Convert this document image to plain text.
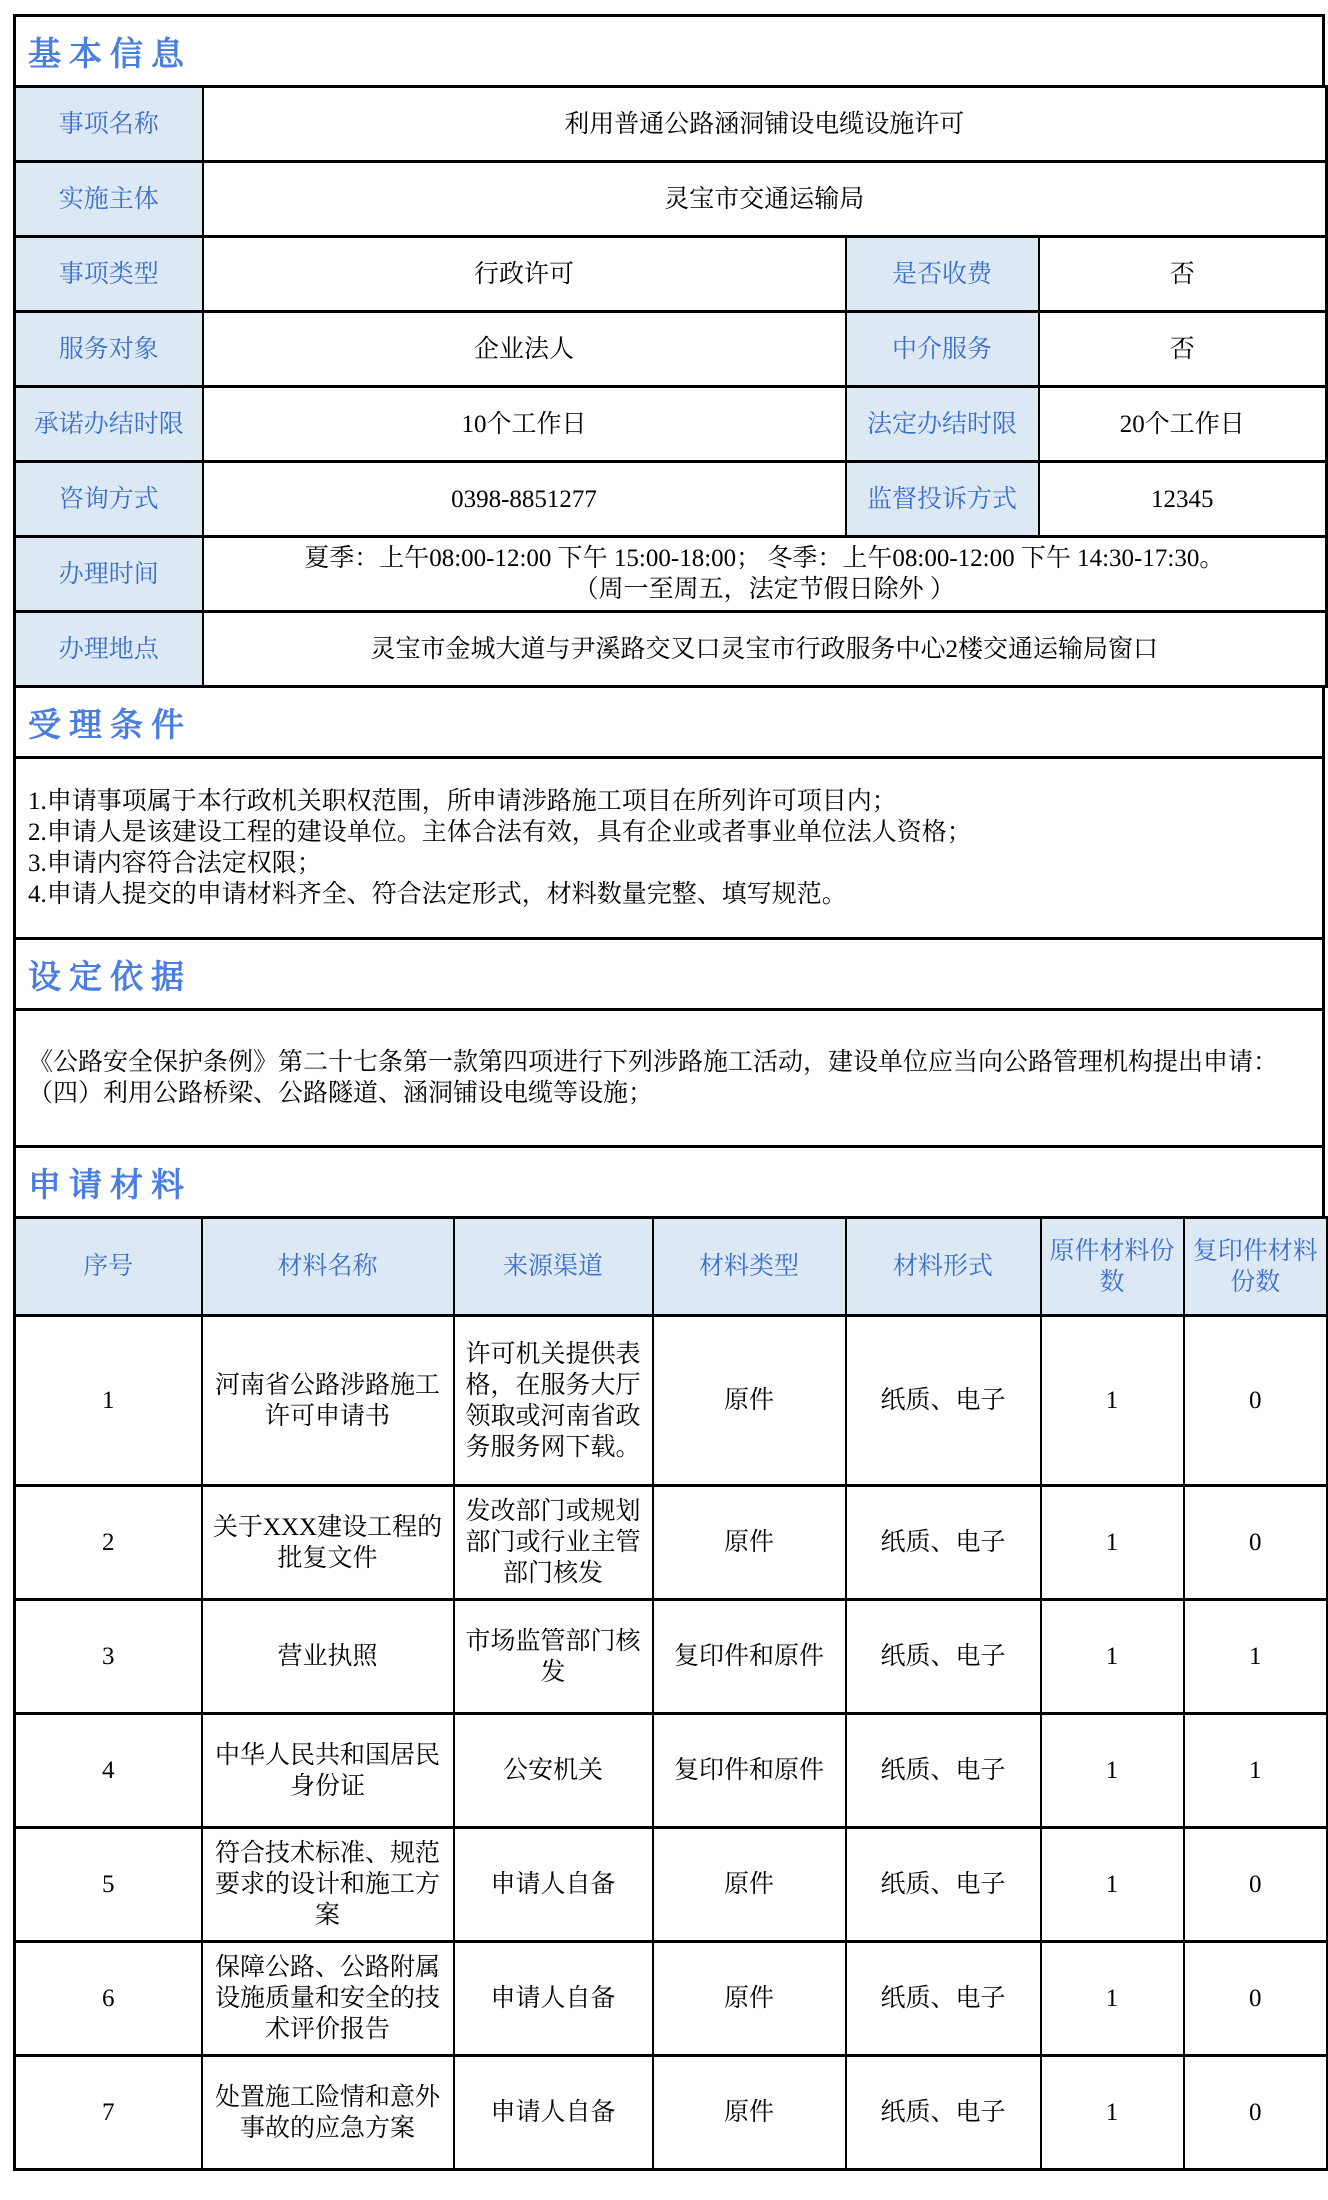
基本信息
事项名称	利用普通公路涵洞铺设电缆设施许可		
实施主体	灵宝市交通运输局		
事项类型	行政许可	是否收费	否
服务对象	企业法人	中介服务	否
承诺办结时限	10个工作日	法定办结时限	20个工作日
咨询方式	0398-8851277	监督投诉方式	12345
办理时间	夏季：上午08:00-12:00 下午 15:00-18:00； 冬季：上午08:00-12:00 下午 14:30-17:30。
（周一至周五，法定节假日除外 ）		

办理地点	灵宝市金城大道与尹溪路交叉口灵宝市行政服务中心2楼交通运输局窗口		
受理条件
1.申请事项属于本行政机关职权范围，所申请涉路施工项目在所列许可项目内；
2.申请人是该建设工程的建设单位。主体合法有效，具有企业或者事业单位法人资格；
3.申请内容符合法定权限；
4.申请人提交的申请材料齐全、符合法定形式，材料数量完整、填写规范。
设定依据
《公路安全保护条例》第二十七条第一款第四项进行下列涉路施工活动，建设单位应当向公路管理机构提出申请：（四）利用公路桥梁、公路隧道、涵洞铺设电缆等设施；
申请材料
序号	材料名称	来源渠道	材料类型	材料形式	原件材料份数	复印件材料份数
1	河南省公路涉路施工许可申请书	许可机关提供表格，在服务大厅领取或河南省政务服务网下载。	原件	纸质、电子	1	0
2	关于XXX建设工程的批复文件	发改部门或规划部门或行业主管部门核发	原件	纸质、电子	1	0
3	营业执照	市场监管部门核发	复印件和原件	纸质、电子	1	1
4	中华人民共和国居民身份证	公安机关	复印件和原件	纸质、电子	1	1
5	符合技术标准、规范要求的设计和施工方案	申请人自备	原件	纸质、电子	1	0
6	保障公路、公路附属设施质量和安全的技术评价报告	申请人自备	原件	纸质、电子	1	0
7	处置施工险情和意外事故的应急方案	申请人自备	原件	纸质、电子	1	0
